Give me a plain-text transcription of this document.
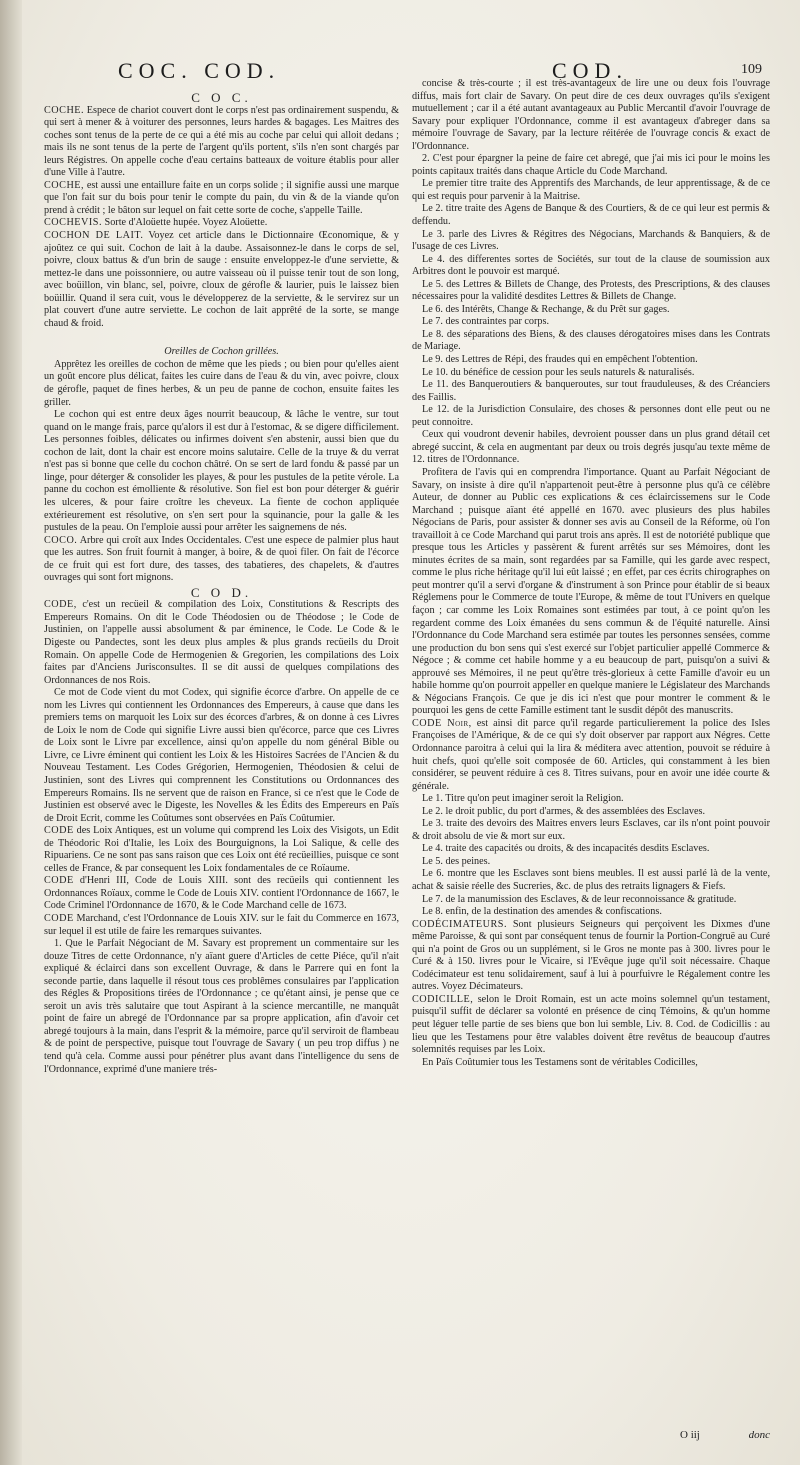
COC. COD.	COD.	109

C O C.

COCHE. Espece de chariot couvert dont le corps n'est pas ordinairement suspendu, & qui sert à mener & à voiturer des personnes, leurs hardes & bagages. Les Maitres des coches sont tenus de la perte de ce qui a été mis au coche par celui qui alloit dedans ; mais ils ne sont tenus de la perte de l'argent qu'ils portent, s'ils n'en sont chargés par leurs Régistres. On appelle coche d'eau certains batteaux de voiture établis pour aller d'une Ville à l'autre.

COCHE, est aussi une entaillure faite en un corps solide ; il signifie aussi une marque que l'on fait sur du bois pour tenir le compte du pain, du vin & de la viande qu'on prend à crédit ; le bâton sur lequel on fait cette sorte de coche, s'appelle Taille.

COCHEVIS. Sorte d'Aloüette hupée. Voyez Aloüette.

COCHON DE LAIT. Voyez cet article dans le Dictionnaire Œconomique, & y ajoûtez ce qui suit. Cochon de lait à la daube. Assaisonnez-le dans le corps de sel, poivre, cloux battus & d'un brin de sauge : ensuite enveloppez-le d'une serviette, & mettez-le dans une poissonniere, ou autre vaisseau où il puisse tenir tout de son long, avec boüillon, vin blanc, sel, poivre, cloux de gérofle & laurier, puis le laissez bien boüillir. Quand il sera cuit, vous le développerez de la serviette, & le servirez sur un plat couvert d'une autre serviette. Le cochon de lait apprêté de la sorte, se mange chaud & froid.

Oreilles de Cochon grillées.

Apprêtez les oreilles de cochon de même que les pieds ; ou bien pour qu'elles aient un goût encore plus délicat, faites les cuire dans de l'eau & du vin, avec poivre, cloux de gérofle, paquet de fines herbes, & un peu de panne de cochon, ensuite faites les griller.

Le cochon qui est entre deux âges nourrit beaucoup, & lâche le ventre, sur tout quand on le mange frais, parce qu'alors il est dur à l'estomac, & se digere difficilement. Les personnes foibles, délicates ou infirmes doivent s'en abstenir, aussi bien que du cochon de lait, dont la chair est encore moins salutaire. Celle de la truye & du verrat n'est pas si bonne que celle du cochon châtré. On se sert de lard fondu & passé par un linge, pour déterger & consolider les playes, & pour les pustules de la petite vérole. La panne du cochon est émolliente & résolutive. Son fiel est bon pour déterger & guérir les ulceres, & pour faire croître les cheveux. La fiente de cochon appliquée extérieurement est résolutive, on s'en sert pour la squinancie, pour la galle & les pustules de la peau. On l'emploie aussi pour arrêter les saignemens de nés.

COCO. Arbre qui croît aux Indes Occidentales. C'est une espece de palmier plus haut que les autres. Son fruit fournit à manger, à boire, & de quoi filer. On fait de l'écorce de ce fruit qui est fort dure, des tasses, des tabatieres, des chapelets, & d'autres ouvrages qui sont fort mignons.

C O D.

CODE, c'est un recüeil & compilation des Loix, Constitutions & Rescripts des Empereurs Romains. On dit le Code Théodosien ou de Théodose ; le Code de Justinien, on l'appelle aussi absolument & par éminence, le Code. Le Code & le Digeste ou Pandectes, sont les deux plus amples & plus grands recüeils du Droit Romain. On appelle Code de Hermogenien & Gregorien, les compilations des Loix faites par d'Anciens Jurisconsultes. Il se dit aussi de quelques compilations des Ordonnances de nos Rois.

Ce mot de Code vient du mot Codex, qui signifie écorce d'arbre. On appelle de ce nom les Livres qui contiennent les Ordonnances des Empereurs, à cause que dans les premiers tems on marquoit les Loix sur des écorces d'arbres, & on donne à ces Livres de Loix le nom de Code qui signifie Livre aussi bien qu'écorce, parce que ces Livres de Loix sont le Livre par excellence, ainsi qu'on appelle du nom général Bible ou Livre, ce Livre éminent qui contient les Loix & les Histoires Sacrées de l'Ancien & du Nouveau Testament. Les Codes Grégorien, Hermogenien, Théodosien & celui de Justinien, sont des Livres qui comprennent les Constitutions ou Ordonnances des Empereurs Romains. Ils ne servent que de raison en France, si ce n'est que le Code de Justinien est observé avec le Digeste, les Novelles & les Édits des Empereurs en Païs de Droit Ecrit, comme les Coûtumes sont observées en Païs Coûtumier.

CODE des Loix Antiques, est un volume qui comprend les Loix des Visigots, un Edit de Théodoric Roi d'Italie, les Loix des Bourguignons, la Loi Salique, & celle des Ripuariens. Ce ne sont pas sans raison que ces Loix ont été recüeillies, puisque ce sont celles de France, & par consequent les Loix fondamentales de ce Roïaume.

CODE d'Henri III, Code de Louis XIII. sont des recüeils qui contiennent les Ordonnances Roïaux, comme le Code de Louis XIV. contient l'Ordonnance de 1667, le Code Criminel l'Ordonnance de 1670, & le Code Marchand celle de 1673.

CODE Marchand, c'est l'Ordonnance de Louis XIV. sur le fait du Commerce en 1673, sur lequel il est utile de faire les remarques suivantes.

1. Que le Parfait Négociant de M. Savary est proprement un commentaire sur les douze Titres de cette Ordonnance, n'y aïant guere d'Articles de cette Piéce, qu'il n'ait expliqué & éclairci dans son excellent Ouvrage, & dans le Parrere qui en font la seconde partie, dans laquelle il résout tous ces problêmes consulaires par l'application des Régles & Propositions tirées de l'Ordonnance ; ce qu'étant ainsi, je pense que ce seroit un avis très salutaire que tout Aspirant à la science mercantille, ne manquât point de faire un abregé de l'Ordonnance par sa propre application, afin d'avoir cet abregé toujours à la main, dans l'esprit & la mémoire, parce qu'il serviroit de flambeau & de point de perspective, puisque tout l'ouvrage de Savary ( un peu trop diffus ) ne tend qu'à cela. Comme aussi pour pénétrer plus avant dans l'intelligence du sens de l'Ordonnance, exprimé d'une maniere trés-

concise & très-courte ; il est très-avantageux de lire une ou deux fois l'ouvrage diffus, mais fort clair de Savary. On peut dire de ces deux ouvrages qu'ils s'exigent mutuellement ; car il a été autant avantageaux au Public Mercantil d'avoir l'ouvrage de Savary pour expliquer l'Ordonnance, comme il est avantageux d'abreger dans sa mémoire l'ouvrage de Savary, par la lecture réitérée de l'ouvrage concis & exact de l'Ordonnance.

2. C'est pour épargner la peine de faire cet abregé, que j'ai mis ici pour le moins les points capitaux traités dans chaque Article du Code Marchand.

Le premier titre traite des Apprentifs des Marchands, de leur apprentissage, & de ce qui est requis pour parvenir à la Maitrise.

Le 2. titre traite des Agens de Banque & des Courtiers, & de ce qui leur est permis & deffendu.

Le 3. parle des Livres & Régitres des Négocians, Marchands & Banquiers, & de l'usage de ces Livres.

Le 4. des differentes sortes de Sociétés, sur tout de la clause de soumission aux Arbitres dont le pouvoir est marqué.

Le 5. des Lettres & Billets de Change, des Protests, des Prescriptions, & des clauses nécessaires pour la validité desdites Lettres & Billets de Change.

Le 6. des Intérêts, Change & Rechange, & du Prêt sur gages.

Le 7. des contraintes par corps.

Le 8. des séparations des Biens, & des clauses dérogatoires mises dans les Contrats de Mariage.

Le 9. des Lettres de Répi, des fraudes qui en empêchent l'obtention.

Le 10. du bénéfice de cession pour les seuls naturels & naturalisés.

Le 11. des Banqueroutiers & banqueroutes, sur tout frauduleuses, & des Créanciers des Faillis.

Le 12. de la Jurisdiction Consulaire, des choses & personnes dont elle peut ou ne peut connoitre.

Ceux qui voudront devenir habiles, devroient pousser dans un plus grand détail cet abregé succint, & cela en augmentant par deux ou trois degrés jusqu'au texte même de 12. titres de l'Ordonnance.

Profitera de l'avis qui en comprendra l'importance. Quant au Parfait Négociant de Savary, on insiste à dire qu'il n'appartenoit peut-être à personne plus qu'à ce célèbre Auteur, de donner au Public ces explications & ces éclaircissemens sur le Code Marchand ; puisque aïant été appellé en 1670. avec plusieurs des plus habiles Négocians de Paris, pour assister & donner ses avis au Conseil de la Réforme, où l'on travailloit à ce Code Marchand qui parut trois ans après. Il est de notoriété publique que presque tous les Articles y passèrent & furent arrêtés sur ses Mémoires, dont les minutes écrites de sa main, sont regardées par sa Famille, qui les garde avec respect, comme le plus riche héritage qu'il lui eût laissé ; en effet, par ces écrits chirographes on peut montrer qu'il a servi d'organe & d'instrument à son Prince pour établir de si beaux Réglemens pour le Commerce de toute l'Europe, & même de tout l'Univers en quelque façon ; car comme les Loix Romaines sont estimées par tout, à ce point qu'on les regardent comme des Loix émanées du sens commun & de l'équité naturelle. Ainsi l'Ordonnance du Code Marchand sera estimée par toutes les personnes sensées, comme une production du bon sens qui s'est exercé sur l'objet particulier appellé Commerce & Négoce ; & comme cet habile homme y a eu beaucoup de part, puisqu'on a suivi & approuvé ses Mémoires, il ne peut qu'être très-glorieux à cette Famille d'avoir eu un habile homme qu'on pourroit appeller en quelque maniere le Législateur des Marchands & Négocians François. Ce que je dis ici n'est que pour montrer le comment & le pourquoi les gens de cette Famille estiment tant le susdit dépôt des manuscrits.

CODE Noir, est ainsi dit parce qu'il regarde particulierement la police des Isles Françoises de l'Amérique, & de ce qui s'y doit observer par rapport aux Négres. Cette Ordonnance paroitra à celui qui la lira & méditera avec attention, pouvoit se réduire à huit chefs, quoi qu'elle soit composée de 60. Articles, qui constamment à les bien considérer, se peuvent réduire à ces 8. Titres suivans, pour en avoir une idée courte & générale.

Le 1. Titre qu'on peut imaginer seroit la Religion.

Le 2. le droit public, du port d'armes, & des assemblées des Esclaves.

Le 3. traite des devoirs des Maitres envers leurs Esclaves, car ils n'ont point pouvoir & droit absolu de vie & mort sur eux.

Le 4. traite des capacités ou droits, & des incapacités desdits Esclaves.

Le 5. des peines.

Le 6. montre que les Esclaves sont biens meubles. Il est aussi parlé là de la vente, achat & saisie réelle des Sucreries, &c. de plus des retraits lignagers & Fiefs.

Le 7. de la manumission des Esclaves, & de leur reconnoissance & gratitude.

Le 8. enfin, de la destination des amendes & confiscations.

CODÉCIMATEURS. Sont plusieurs Seigneurs qui perçoivent les Dixmes d'une même Paroisse, & qui sont par conséquent tenus de fournir la Portion-Congruë au Curé qui n'a point de Gros ou un supplément, si le Gros ne monte pas à 300. livres pour le Curé & à 150. livres pour le Vicaire, si l'Evêque juge qu'il soit nécessaire. Chaque Codécimateur est tenu solidairement, sauf à lui à pourfuivre le Régalement contre les autres. Voyez Décimateurs.

CODICILLE, selon le Droit Romain, est un acte moins solemnel qu'un testament, puisqu'il suffit de déclarer sa volonté en présence de cinq Témoins, & qu'un homme peut léguer telle partie de ses biens que bon lui semble, Liv. 8. Cod. de Codicillis : au lieu que les Testamens pour être valables doivent être revêtus de beaucoup d'autres solemnités requises par les Loix.

En Païs Coûtumier tous les Testamens sont de véritables Codicilles,

O iij	donc
